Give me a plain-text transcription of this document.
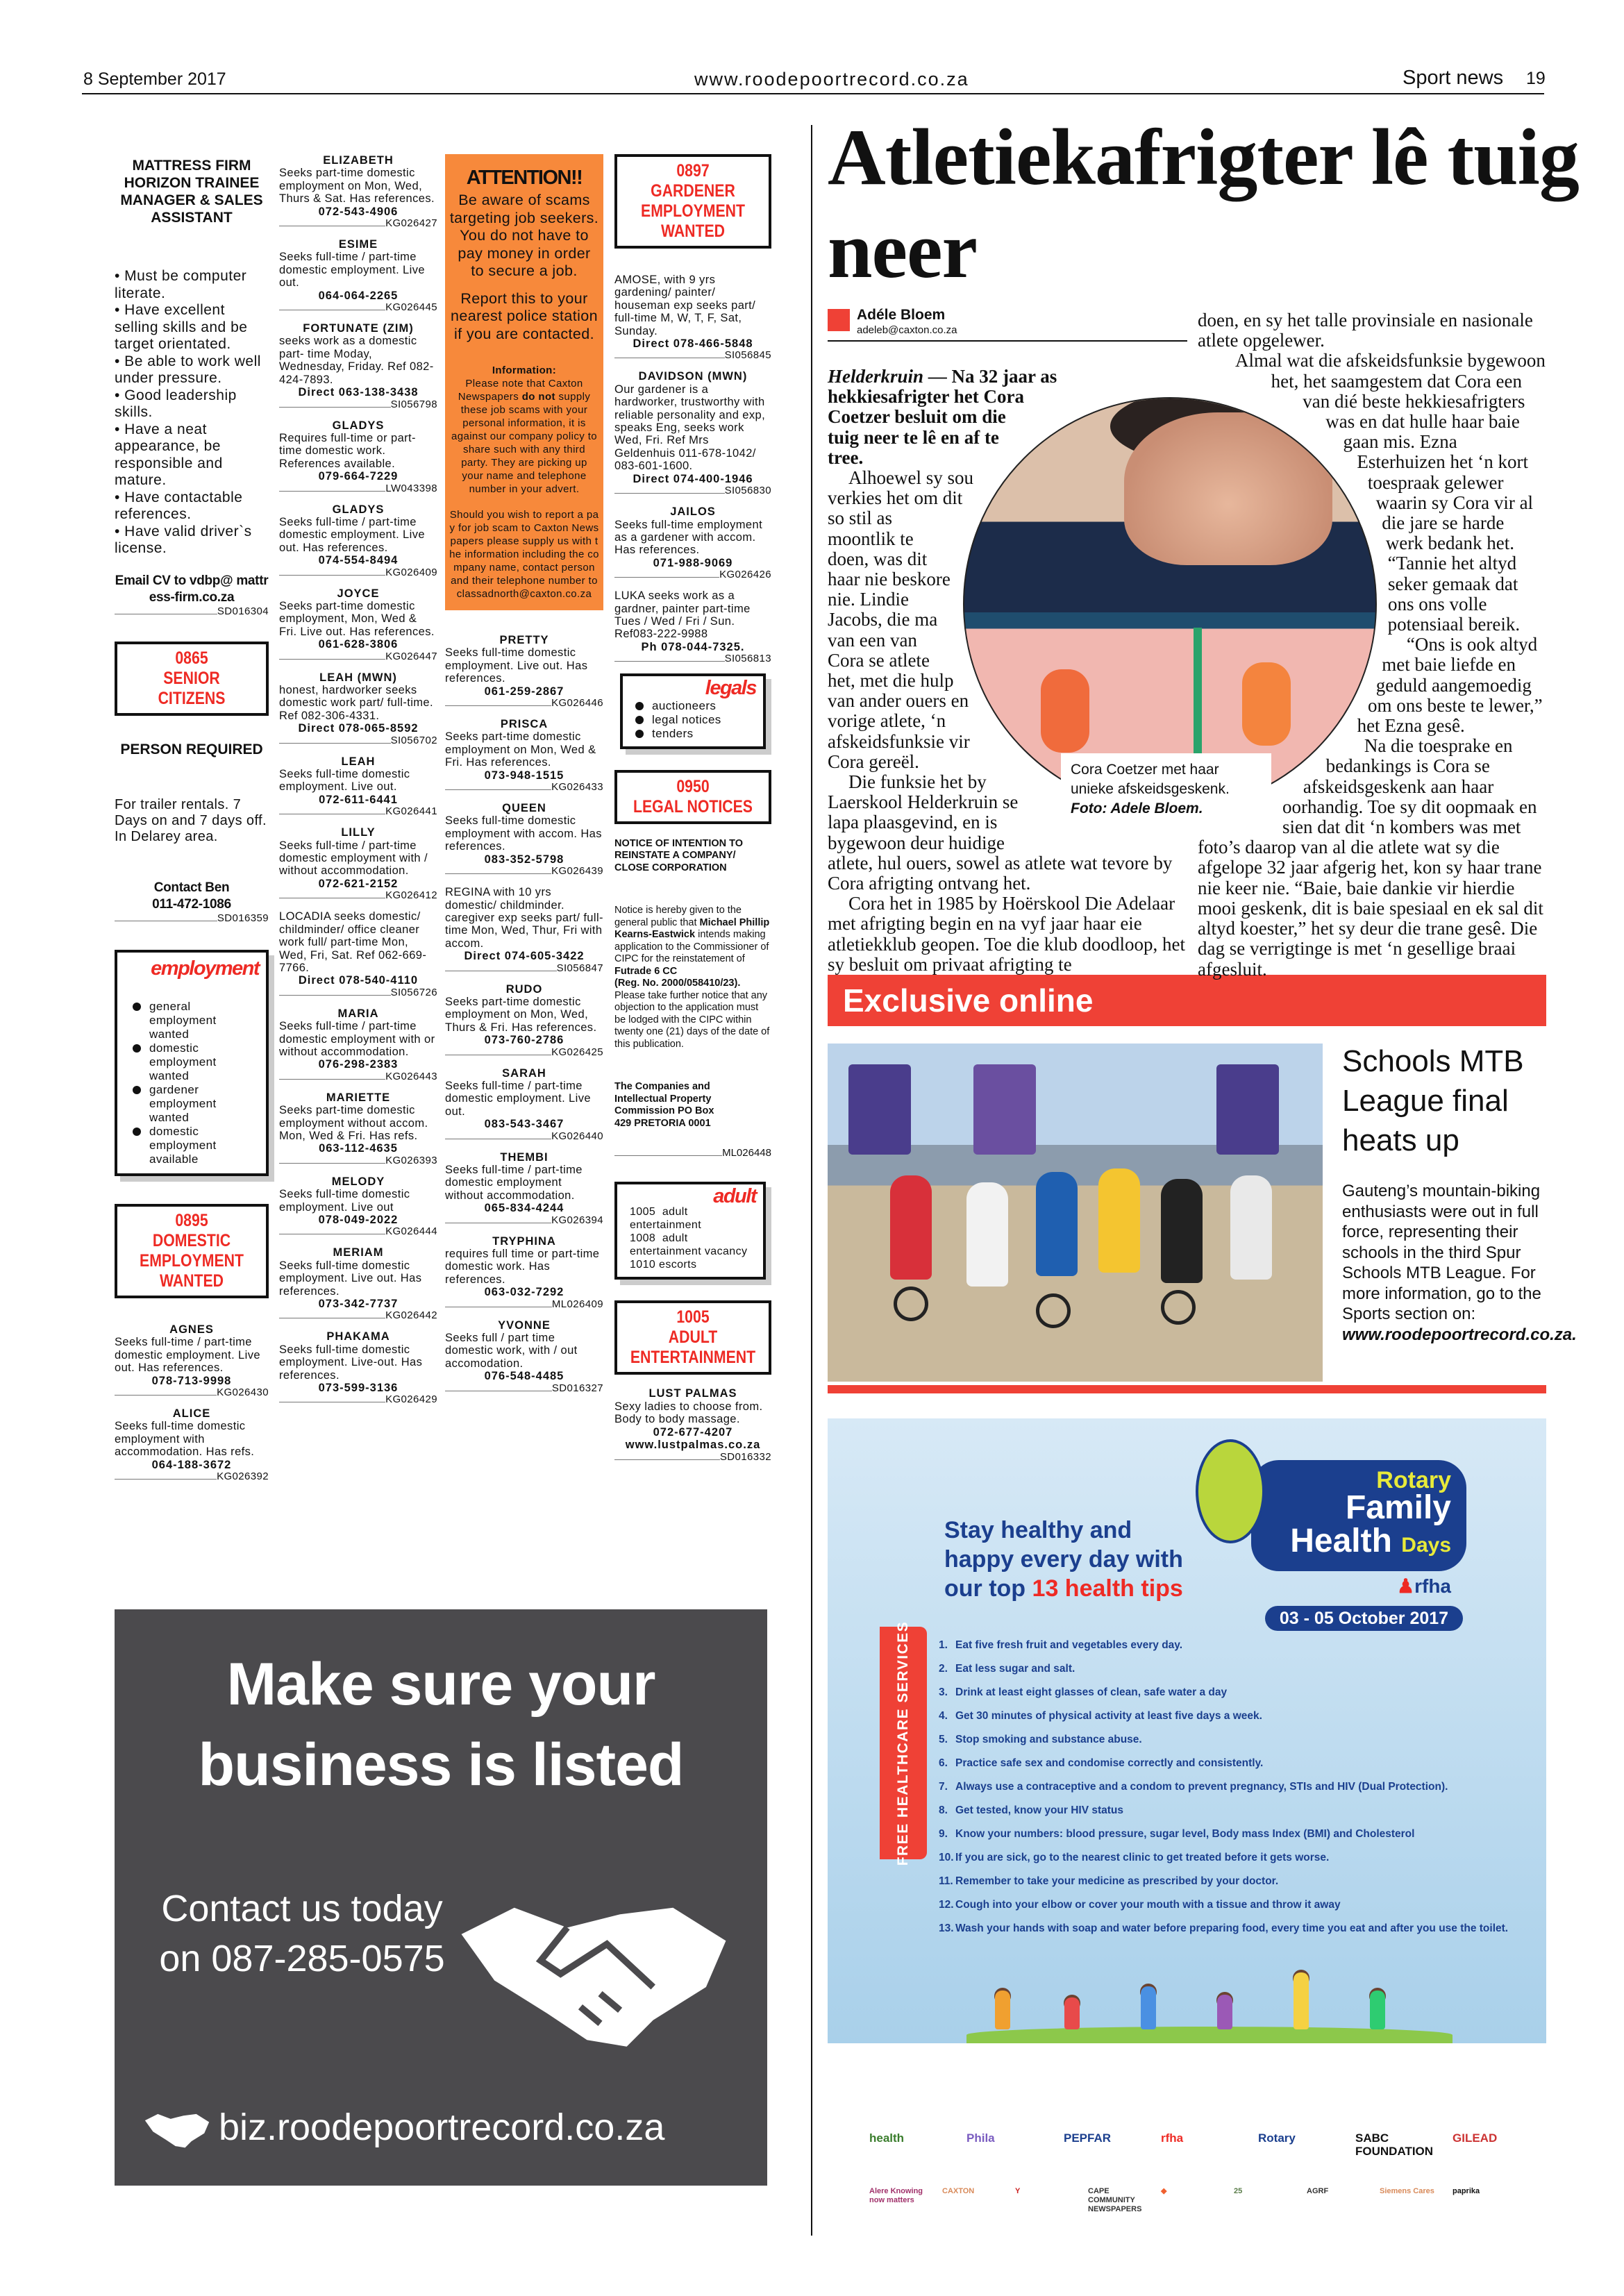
8 September 2017	www.roodepoortrecord.co.za	Sport news 19
MATTRESS FIRM HORIZON TRAINEE MANAGER & SALES ASSISTANT
• Must be computer literate.
• Have excellent selling skills and be target orientated.
• Be able to work well under pressure.
• Good leadership skills.
• Have a neat appearance, be responsible and mature.
• Have contactable references.
• Have valid driver`s license.
Email CV to vdbp@ mattress-firm.co.za
SD016304
0865
SENIOR CITIZENS
PERSON REQUIRED
For trailer rentals. 7 Days on and 7 days off. In Delarey area.
Contact Ben
011-472-1086
SD016359
employment
general employment wanted
domestic employment wanted
gardener employment wanted
domestic employment available
0895
DOMESTIC EMPLOYMENT WANTED
AGNES
Seeks full-time / part-time domestic employment. Live out. Has references.
078-713-9998
KG026430
ALICE
Seeks full-time domestic employment with accommodation. Has refs.
064-188-3672
KG026392
ELIZABETH
Seeks part-time domestic employment on Mon, Wed, Thurs & Sat. Has references.
072-543-4906
KG026427
ESIME
Seeks full-time / part-time domestic employment. Live out.
064-064-2265
KG026445
FORTUNATE (ZIM)
seeks work as a domestic part- time Moday, Wednesday, Friday. Ref 082-424-7893.
Direct 063-138-3438
SI056798
GLADYS
Requires full-time or part-time domestic work. References available.
079-664-7229
LW043398
GLADYS
Seeks full-time / part-time domestic employment. Live out. Has references.
074-554-8494
KG026409
JOYCE
Seeks part-time domestic employment, Mon, Wed & Fri. Live out. Has references.
061-628-3806
KG026447
LEAH (MWN)
honest, hardworker seeks domestic work part/ full-time. Ref 082-306-4331.
Direct 078-065-8592
SI056702
LEAH
Seeks full-time domestic employment. Live out.
072-611-6441
KG026441
LILLY
Seeks full-time / part-time domestic employment with / without accommodation.
072-621-2152
KG026412
LOCADIA seeks domestic/ childminder/ office cleaner work full/ part-time Mon, Wed, Fri, Sat. Ref 062-669-7766.
Direct 078-540-4110
SI056726
MARIA
Seeks full-time / part-time domestic employment with or without accommodation.
076-298-2383
KG026443
MARIETTE
Seeks part-time domestic employment without accom. Mon, Wed & Fri. Has refs.
063-112-4635
KG026393
MELODY
Seeks full-time domestic employment. Live out
078-049-2022
KG026444
MERIAM
Seeks full-time domestic employment. Live out. Has references.
073-342-7737
KG026442
PHAKAMA
Seeks full-time domestic employment. Live-out. Has references.
073-599-3136
KG026429
ATTENTION!!
Be aware of scams targeting job seekers. You do not have to pay money in order to secure a job.
Report this to your nearest police station if you are contacted.
Information:
Please note that Caxton Newspapers do not supply these job scams with your personal information, it is against our company policy to share such with any third party. They are picking up your name and telephone number in your advert.
Should you wish to report a pay for job scam to Caxton Newspapers please supply us with the information including the company name, contact person and their telephone number to classadnorth@caxton.co.za
PRETTY
Seeks full-time domestic employment. Live out. Has references.
061-259-2867
KG026446
PRISCA
Seeks part-time domestic employment on Mon, Wed & Fri. Has references.
073-948-1515
KG026433
QUEEN
Seeks full-time domestic employment with accom. Has references.
083-352-5798
KG026439
REGINA with 10 yrs domestic/ childminder. caregiver exp seeks part/ full-time Mon, Wed, Thur, Fri with accom.
Direct 074-605-3422
SI056847
RUDO
Seeks part-time domestic employment on Mon, Wed, Thurs & Fri. Has references.
073-760-2786
KG026425
SARAH
Seeks full-time / part-time domestic employment. Live out.
083-543-3467
KG026440
THEMBI
Seeks full-time / part-time domestic employment without accommodation.
065-834-4244
KG026394
TRYPHINA
requires full time or part-time domestic work. Has references.
063-032-7292
ML026409
YVONNE
Seeks full / part time domestic work, with / out accomodation.
076-548-4485
SD016327
0897
GARDENER EMPLOYMENT WANTED
AMOSE, with 9 yrs gardening/ painter/ houseman exp seeks part/ full-time M, W, T, F, Sat, Sunday.
Direct 078-466-5848
SI056845
DAVIDSON (MWN)
Our gardener is a hardworker, trustworthy with reliable personality and exp, speaks Eng, seeks work Wed, Fri. Ref Mrs Geldenhuis 011-678-1042/ 083-601-1600.
Direct 074-400-1946
SI056830
JAILOS
Seeks full-time employment as a gardener with accom. Has references.
071-988-9069
KG026426
LUKA seeks work as a gardner, painter part-time Tues / Wed / Fri / Sun. Ref083-222-9988
Ph 078-044-7325.
SI056813
legals
auctioneers
legal notices
tenders
0950
LEGAL NOTICES
NOTICE OF INTENTION TO REINSTATE A COMPANY/ CLOSE CORPORATION
Notice is hereby given to the general public that Michael Phillip Kearns-Eastwick intends making application to the Commissioner of CIPC for the reinstatement of
Futrade 6 CC
(Reg. No. 2000/058410/23). Please take further notice that any objection to the application must be lodged with the CIPC within twenty one (21) days of the date of this publication.
The Companies and Intellectual Property Commission PO Box 429 PRETORIA 0001
ML026448
adult
1005  adult entertainment
1008  adult entertainment vacancy
1010 escorts
1005
ADULT ENTERTAINMENT
LUST PALMAS
Sexy ladies to choose from. Body to body massage.
072-677-4207
www.lustpalmas.co.za
SD016332
Make sure your business is listed
Contact us today on 087-285-0575
biz.roodepoortrecord.co.za
Atletiekafrigter lê tuig neer
Adéle Bloem
adeleb@caxton.co.za
Cora Coetzer met haar unieke afskeidsgeskenk.
Foto: Adele Bloem.

Helderkruin — Na 32 jaar as hekkiesafrigter het Cora Coetzer besluit om die tuig neer te lê en af te tree.

Alhoewel sy sou verkies het om dit so stil as moontlik te doen, was dit haar nie beskore nie. Lindie Jacobs, die ma van een van Cora se atlete het, met die hulp van ander ouers en vorige atlete, ‘n afskeidsfunksie vir Cora gereël.

Die funksie het by Laerskool Helderkruin se lapa plaasgevind, en is bygewoon deur huidige atlete, hul ouers, sowel as atlete wat tevore by Cora afrigting ontvang het.

Cora het in 1985 by Hoërskool Die Adelaar met afrigting begin en na vyf jaar haar eie atletiekklub geopen. Toe die klub doodloop, het sy besluit om privaat afrigting te

doen, en sy het talle provinsiale en nasionale atlete opgelewer.

Almal wat die afskeidsfunksie bygewoon het, het saamgestem dat Cora een van dié beste hekkiesafrigters was en dat hulle haar baie gaan mis. Ezna Esterhuizen het ‘n kort toespraak gelewer waarin sy Cora vir al die jare se harde werk bedank het. “Tannie het altyd seker gemaak dat ons ons volle potensiaal bereik.

“Ons is ook altyd met baie liefde en geduld aangemoedig om ons beste te lewer,” het Ezna gesê.

Na die toesprake en bedankings is Cora se afskeidsgeskenk aan haar oorhandig. Toe sy dit oopmaak en sien dat dit ‘n kombers was met foto’s daarop van al die atlete wat sy die afgelope 32 jaar afgerig het, kon sy haar trane nie keer nie. “Baie, baie dankie vir hierdie mooi geskenk, dit is baie spesiaal en ek sal dit altyd koester,” het sy deur die trane gesê. Die dag se verrigtinge is met ‘n gesellige braai afgesluit.

Exclusive online
Schools MTB League final heats up

Gauteng’s mountain-biking enthusiasts were out in full force, representing their schools in the third Spur Schools MTB League. For more information, go to the Sports section on: www.roodepoortrecord.co.za.

Stay healthy and
happy every day with
our top 13 health tips
Rotary
Family
Health Days
♟rfha
03 - 05 October 2017
FREE HEALTHCARE SERVICES	1. Eat five fresh fruit and vegetables every day.
2. Eat less sugar and salt.
3. Drink at least eight glasses of clean, safe water a day
4. Get 30 minutes of physical activity at least five days a week.
5. Stop smoking and substance abuse.
6. Practice safe sex and condomise correctly and consistently.
7. Always use a contraceptive and a condom to prevent pregnancy, STIs and HIV (Dual Protection).
8. Get tested, know your HIV status
9. Know your numbers: blood pressure, sugar level, Body mass Index (BMI) and Cholesterol
10. If you are sick, go to the nearest clinic to get treated before it gets worse.
11. Remember to take your medicine as prescribed by your doctor.
12. Cough into your elbow or cover your mouth with a tissue and throw it away
13. Wash your hands with soap and water before preparing food, every time you eat and after you use the toilet.
health	Phila	PEPFAR	rfha	Rotary	SABC FOUNDATION
GILEAD
Alere Knowing now matters
CAXTON	Y	CAPE COMMUNITY NEWSPAPERS
◆	25	AGRF	Siemens Cares	paprika
